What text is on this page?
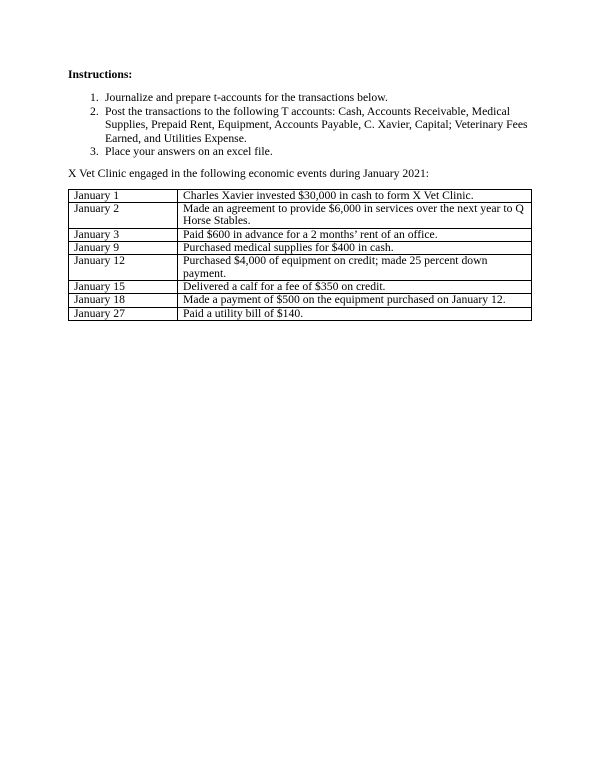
Instructions:
1. Journalize and prepare t-accounts for the transactions below.
2. Post the transactions to the following T accounts: Cash, Accounts Receivable, Medical Supplies, Prepaid Rent, Equipment, Accounts Payable, C. Xavier, Capital; Veterinary Fees Earned, and Utilities Expense.
3. Place your answers on an excel file.
X Vet Clinic engaged in the following economic events during January 2021:
January 1	Charles Xavier invested $30,000 in cash to form X Vet Clinic.
January 2	Made an agreement to provide $6,000 in services over the next year to Q Horse Stables.
January 3	Paid $600 in advance for a 2 months’ rent of an office.
January 9	Purchased medical supplies for $400 in cash.
January 12	Purchased $4,000 of equipment on credit; made 25 percent down payment.
January 15	Delivered a calf for a fee of $350 on credit.
January 18	Made a payment of $500 on the equipment purchased on January 12.
January 27	Paid a utility bill of $140.
